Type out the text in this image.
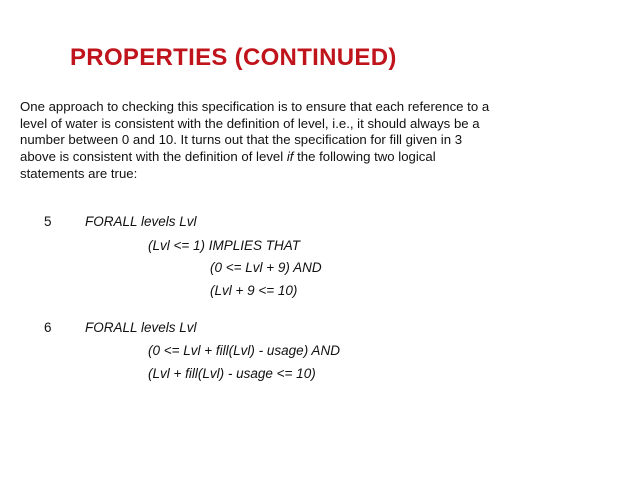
PROPERTIES (CONTINUED)
One approach to checking this specification is to ensure that each reference to a
level of water is consistent with the definition of level, i.e., it should always be a
number between 0 and 10. It turns out that the specification for fill given in 3
above is consistent with the definition of level if the following two logical
statements are true:
5 FORALL levels Lvl
(Lvl <= 1) IMPLIES THAT
(0 <= Lvl + 9) AND
(Lvl + 9 <= 10)
6 FORALL levels Lvl
(0 <= Lvl + fill(Lvl) - usage) AND
(Lvl + fill(Lvl) - usage <= 10)
